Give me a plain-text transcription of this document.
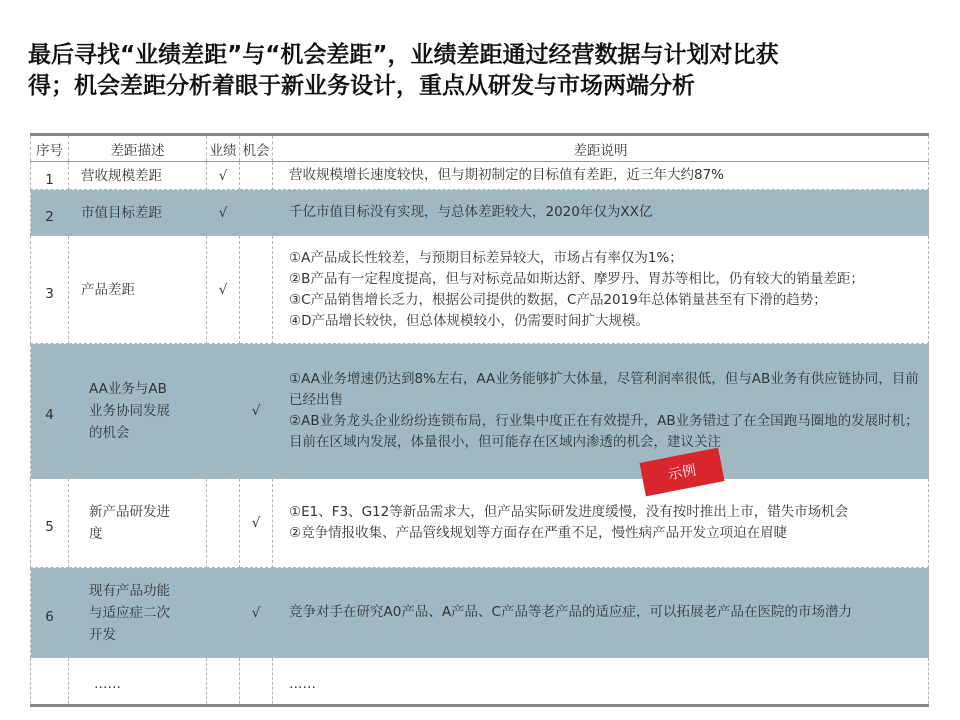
最后寻找“业绩差距”与“机会差距”，业绩差距通过经营数据与计划对比获
得；机会差距分析着眼于新业务设计，重点从研发与市场两端分析
序号	差距描述	业绩	机会	差距说明
1	营收规模差距	√		营收规模增长速度较快，但与期初制定的目标值有差距，近三年大约87%

2	市值目标差距	√		千亿市值目标没有实现，与总体差距较大，2020年仅为XX亿

3	产品差距	√		①A产品成长性较差，与预期目标差异较大，市场占有率仅为1%；
②B产品有一定程度提高，但与对标竞品如斯达舒、摩罗丹、胃苏等相比，仍有较大的销量差距；
③C产品销售增长乏力，根据公司提供的数据，C产品2019年总体销量甚至有下滑的趋势；
④D产品增长较快，但总体规模较小，仍需要时间扩大规模。

4	AA业务与AB
业务协同发展
的机会		√	①AA业务增速仍达到8%左右，AA业务能够扩大体量，尽管利润率很低，但与AB业务有供应链协同，目前已经出售
②AB业务龙头企业纷纷连锁布局，行业集中度正在有效提升，AB业务错过了在全国跑马圈地的发展时机；目前在区域内发展，体量很小，但可能存在区域内渗透的机会，建议关注

5	新产品研发进
度		√	①E1、F3、G12等新品需求大，但产品实际研发进度缓慢，没有按时推出上市，错失市场机会
②竞争情报收集、产品管线规划等方面存在严重不足，慢性病产品开发立项迫在眉睫

6	现有产品功能
与适应症二次
开发		√	竞争对手在研究A0产品、A产品、C产品等老产品的适应症，可以拓展老产品在医院的市场潜力

	……			……
示例
